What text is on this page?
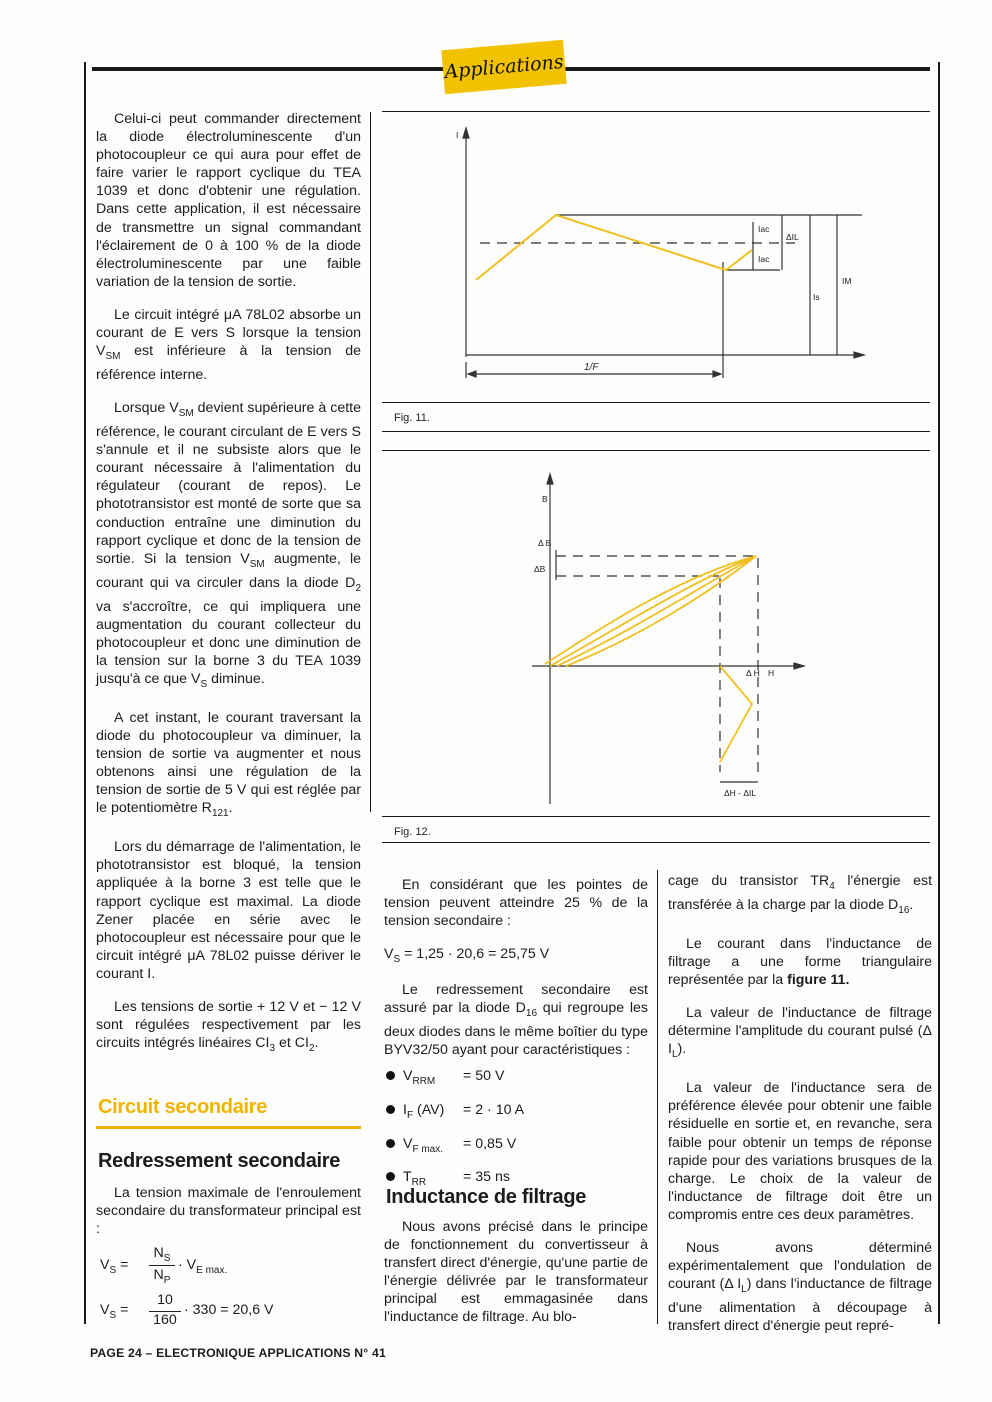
Applications

Celui-ci peut commander directement la diode électroluminescente d'un photocoupleur ce qui aura pour effet de faire varier le rapport cyclique du TEA 1039 et donc d'obtenir une régulation. Dans cette application, il est nécessaire de transmettre un signal commandant l'éclairement de 0 à 100 % de la diode électroluminescente par une faible variation de la tension de sortie.

Le circuit intégré μA 78L02 absorbe un courant de E vers S lorsque la tension $V_{SM}$ est inférieure à la tension de référence interne.

Lorsque $V_{SM}$ devient supérieure à cette référence, le courant circulant de E vers S s'annule et il ne subsiste alors que le courant nécessaire à l'alimentation du régulateur (courant de repos). Le phototransistor est monté de sorte que sa conduction entraîne une diminution du rapport cyclique et donc de la tension de sortie. Si la tension $V_{SM}$ augmente, le courant qui va circuler dans la diode $D_2$ va s'accroître, ce qui impliquera une augmentation du courant collecteur du photocoupleur et donc une diminution de la tension sur la borne 3 du TEA 1039 jusqu'à ce que $V_S$ diminue.

A cet instant, le courant traversant la diode du photocoupleur va diminuer, la tension de sortie va augmenter et nous obtenons ainsi une régulation de la tension de sortie de 5 V qui est réglée par le potentiomètre $R_{121}$.

Lors du démarrage de l'alimentation, le phototransistor est bloqué, la tension appliquée à la borne 3 est telle que le rapport cyclique est maximal. La diode Zener placée en série avec le photocoupleur est nécessaire pour que le circuit intégré μA 78L02 puisse dériver le courant I.

Les tensions de sortie + 12 V et − 12 V sont régulées respectivement par les circuits intégrés linéaires $CI_3$ et $CI_2$.

Circuit secondaire
Redressement secondaire

La tension maximale de l'enroulement secondaire du transformateur principal est :

$V_S$ =
$N_S$
$N_P$
· $V_{E max.}$
$V_S$ =
10
160
· 330 = 20,6 V
I
Iac
Iac
ΔIL
IM
Is
1/F
Fig. 11.
B
Δ B
ΔB
Δ H H
ΔH - ΔIL
Fig. 12.

En considérant que les pointes de tension peuvent atteindre 25 % de la tension secondaire :

$V_S = 1,25 \cdot 20,6 = 25,75$ V

Le redressement secondaire est assuré par la diode $D_{16}$ qui regroupe les deux diodes dans le même boîtier du type BYV32/50 ayant pour caractéristiques :

$V_{RRM} = 50$ V
$I_F$ (AV) = 2 · 10 A
$V_{F max.} = 0,85$ V
$T_{RR}$	= 35 ns
Inductance de filtrage

Nous avons précisé dans le principe de fonctionnement du convertisseur à transfert direct d'énergie, qu'une partie de l'énergie délivrée par le transformateur principal est emmagasinée dans l'inductance de filtrage. Au blo-

cage du transistor $TR_4$ l'énergie est transférée à la charge par la diode $D_{16}$.

Le courant dans l'inductance de filtrage a une forme triangulaire représentée par la figure 11.

La valeur de l'inductance de filtrage détermine l'amplitude du courant pulsé (Δ $I_L$).

La valeur de l'inductance sera de préférence élevée pour obtenir une faible résiduelle en sortie et, en revanche, sera faible pour obtenir un temps de réponse rapide pour des variations brusques de la charge. Le choix de la valeur de l'inductance de filtrage doit être un compromis entre ces deux paramètres.

Nous avons déterminé expérimentalement que l'ondulation de courant (Δ $I_L$) dans l'inductance de filtrage d'une alimentation à découpage à transfert direct d'énergie peut repré-

PAGE 24 – ELECTRONIQUE APPLICATIONS N° 41
